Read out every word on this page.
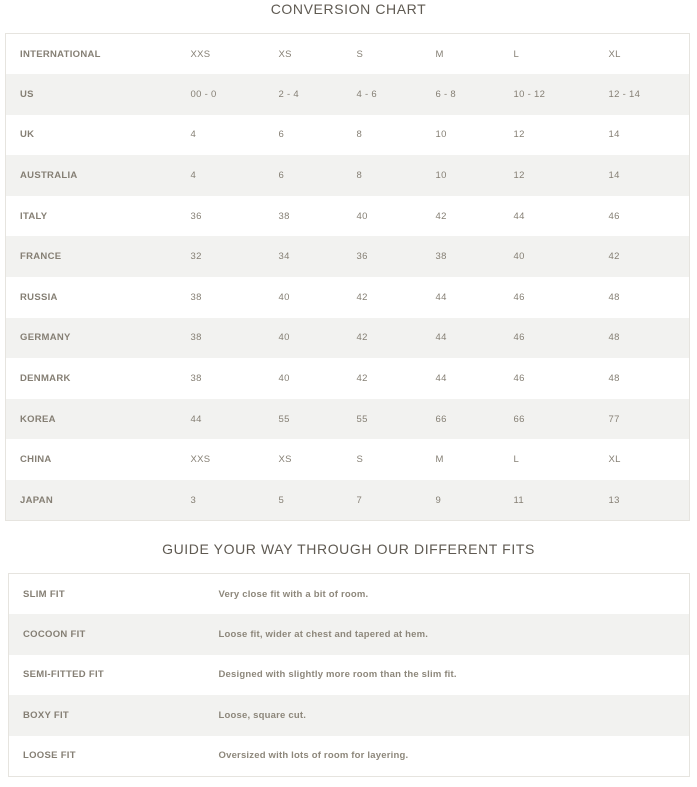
CONVERSION CHART
INTERNATIONAL	XXS	XS	S	M	L	XL
US	00 - 0	2 - 4	4 - 6	6 - 8	10 - 12	12 - 14
UK	4	6	8	10	12	14
AUSTRALIA	4	6	8	10	12	14
ITALY	36	38	40	42	44	46
FRANCE	32	34	36	38	40	42
RUSSIA	38	40	42	44	46	48
GERMANY	38	40	42	44	46	48
DENMARK	38	40	42	44	46	48
KOREA	44	55	55	66	66	77
CHINA	XXS	XS	S	M	L	XL
JAPAN	3	5	7	9	11	13
GUIDE YOUR WAY THROUGH OUR DIFFERENT FITS
SLIM FIT	Very close fit with a bit of room.
COCOON FIT	Loose fit, wider at chest and tapered at hem.
SEMI-FITTED FIT	Designed with slightly more room than the slim fit.
BOXY FIT	Loose, square cut.
LOOSE FIT	Oversized with lots of room for layering.
